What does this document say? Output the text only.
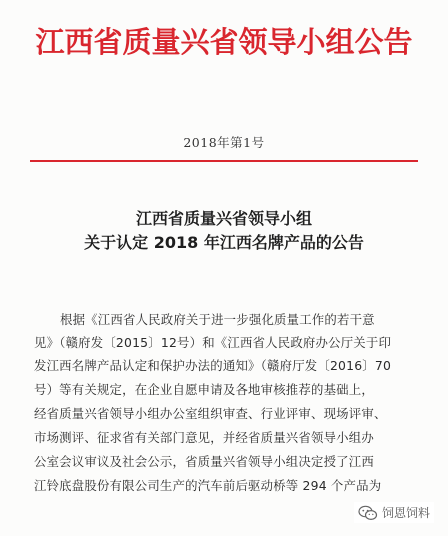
江西省质量兴省领导小组公告
2018年第1号
江西省质量兴省领导小组
关于认定 2018 年江西名牌产品的公告
根据《江西省人民政府关于进一步强化质量工作的若干意
见》（赣府发〔2015〕12号）和《江西省人民政府办公厅关于印
发江西名牌产品认定和保护办法的通知》（赣府厅发〔2016〕70
号）等有关规定，在企业自愿申请及各地审核推荐的基础上，
经省质量兴省领导小组办公室组织审查、行业评审、现场评审、
市场测评、征求省有关部门意见，并经省质量兴省领导小组办
公室会议审议及社会公示，省质量兴省领导小组决定授了江西
江铃底盘股份有限公司生产的汽车前后驱动桥等 294 个产品为
饲恩饲料
